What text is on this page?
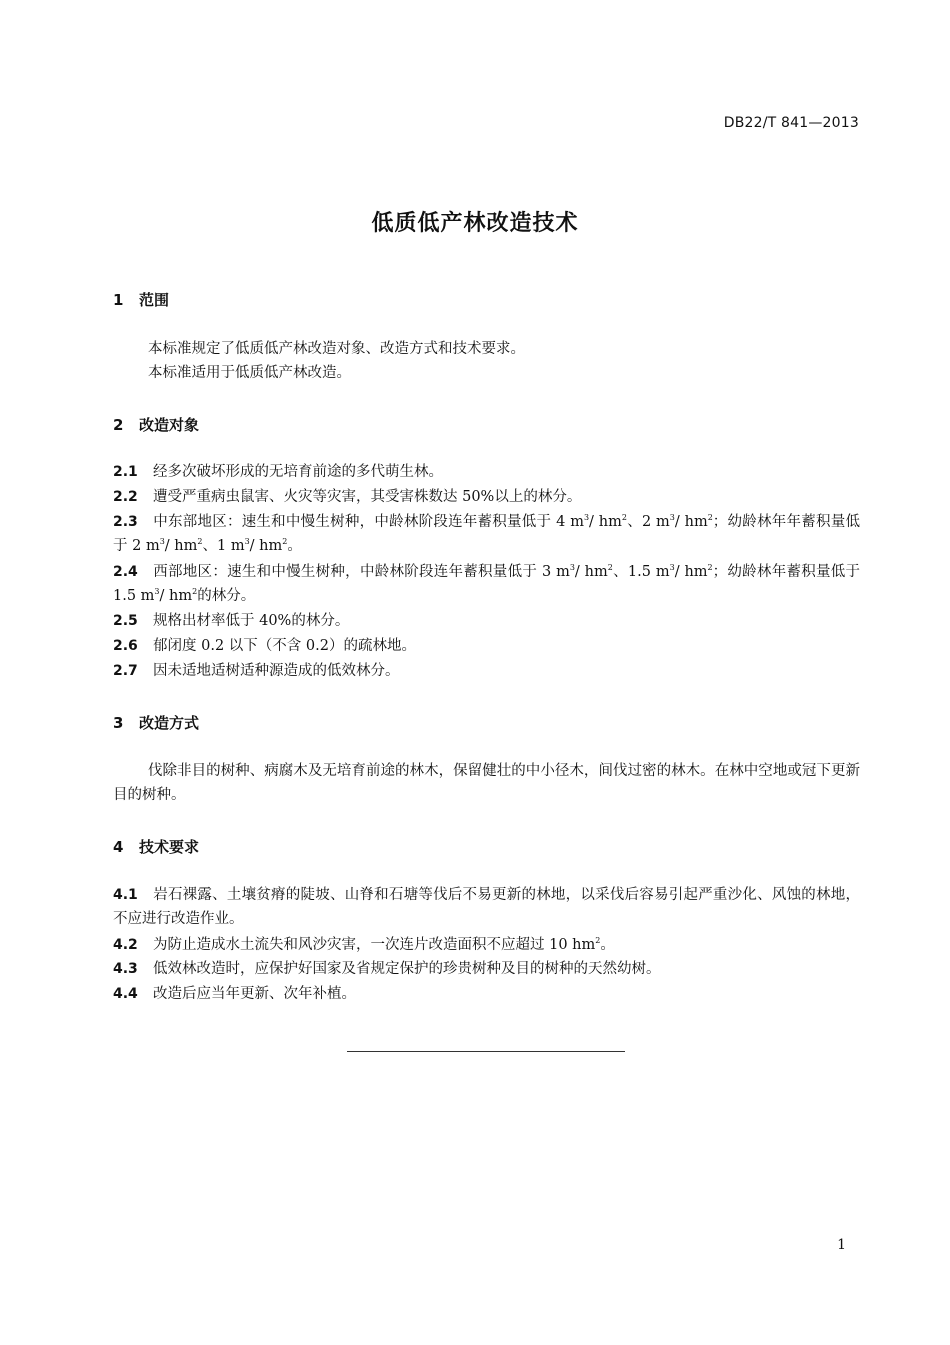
DB22/T 841—2013
低质低产林改造技术
1 范围
本标准规定了低质低产林改造对象、改造方式和技术要求。
本标准适用于低质低产林改造。
2 改造对象
2.1 经多次破坏形成的无培育前途的多代萌生林。
2.2 遭受严重病虫鼠害、火灾等灾害，其受害株数达 50%以上的林分。
2.3 中东部地区：速生和中慢生树种，中龄林阶段连年蓄积量低于 4 $m^3/$ $hm^2$、2 $m^3/$ $hm^2$；幼龄林年年蓄积量低于 2 $m^3/$ $hm^2$、1 $m^3/$ $hm^2$。
2.4 西部地区：速生和中慢生树种，中龄林阶段连年蓄积量低于 3 $m^3/$ $hm^2$、1.5 $m^3/$ $hm^2$；幼龄林年蓄积量低于 1.5 $m^3/$ $hm^2$的林分。
2.5 规格出材率低于 40%的林分。
2.6 郁闭度 0.2 以下（不含 0.2）的疏林地。
2.7 因未适地适树适种源造成的低效林分。
3 改造方式
伐除非目的树种、病腐木及无培育前途的林木，保留健壮的中小径木，间伐过密的林木。在林中空地或冠下更新目的树种。
4 技术要求
4.1 岩石裸露、土壤贫瘠的陡坡、山脊和石塘等伐后不易更新的林地，以采伐后容易引起严重沙化、风蚀的林地，不应进行改造作业。
4.2 为防止造成水土流失和风沙灾害，一次连片改造面积不应超过 10 $hm^2$。
4.3 低效林改造时，应保护好国家及省规定保护的珍贵树种及目的树种的天然幼树。
4.4 改造后应当年更新、次年补植。
1
